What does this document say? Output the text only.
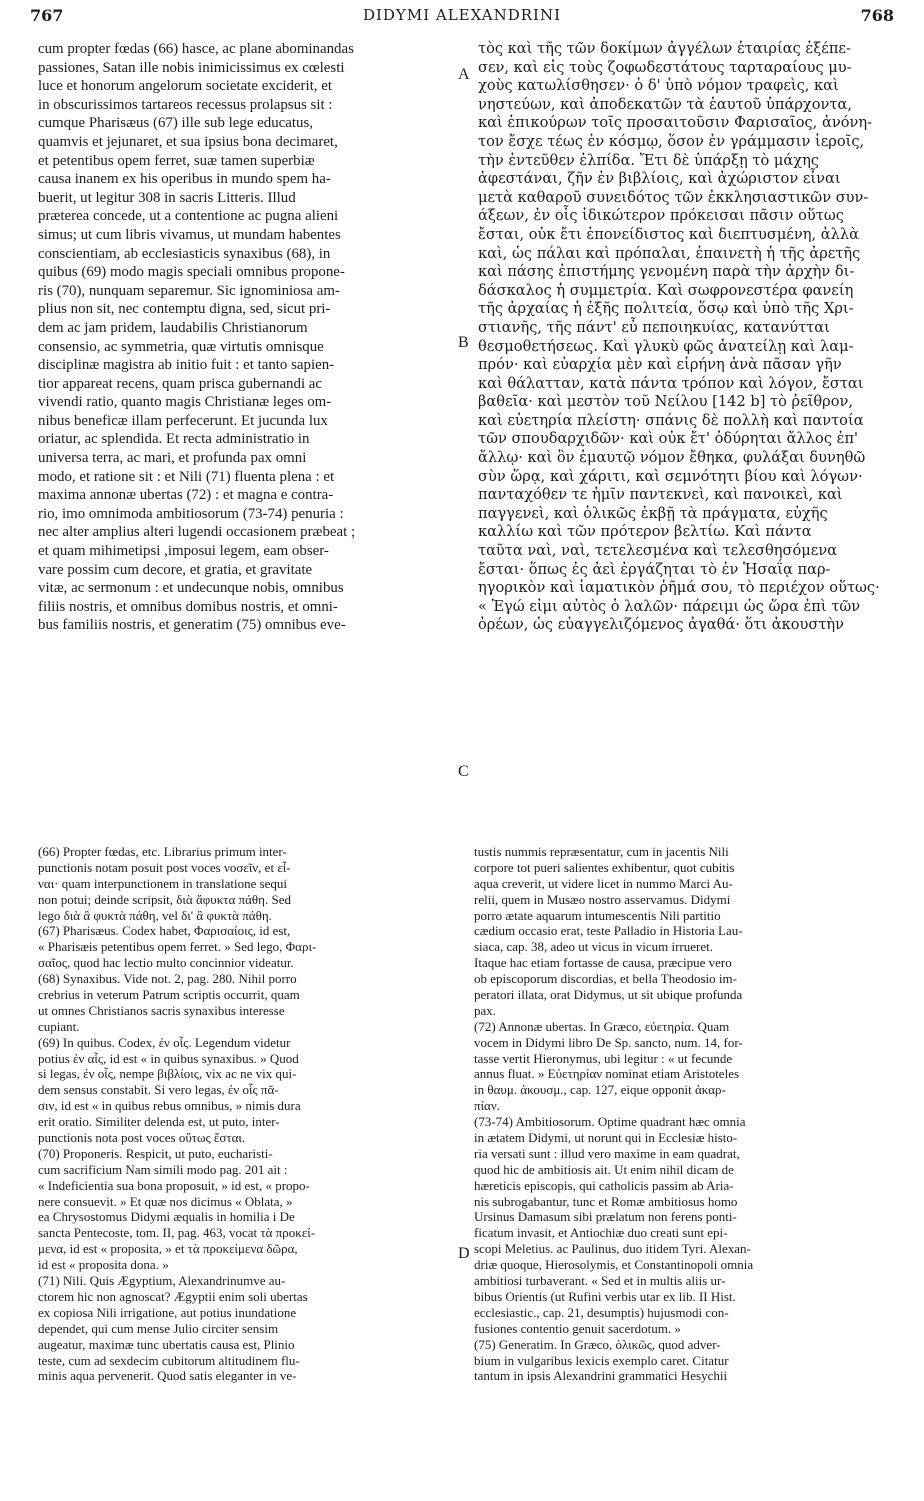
767	DIDYMI ALEXANDRINI	768
cum propter fœdas (66) hasce, ac plane abominandas
passiones, Satan ille nobis inimicissimus ex cœlesti
luce et honorum angelorum societate exciderit, et
in obscurissimos tartareos recessus prolapsus sit :
cumque Pharisæus (67) ille sub lege educatus,
quamvis et jejunaret, et sua ipsius bona decimaret,
et petentibus opem ferret, suæ tamen superbiæ
causa inanem ex his operibus in mundo spem ha-
buerit, ut legitur 308 in sacris Litteris. Illud
præterea concede, ut a contentione ac pugna alieni
simus; ut cum libris vivamus, ut mundam habentes
conscientiam, ab ecclesiasticis synaxibus (68), in
quibus (69) modo magis speciali omnibus propone-
ris (70), nunquam separemur. Sic ignominiosa am-
plius non sit, nec contemptu digna, sed, sicut pri-
dem ac jam pridem, laudabilis Christianorum
consensio, ac symmetria, quæ virtutis omnisque
disciplinæ magistra ab initio fuit : et tanto sapien-
tior appareat recens, quam prisca gubernandi ac
vivendi ratio, quanto magis Christianæ leges om-
nibus beneficæ illam perfecerunt. Et jucunda lux
oriatur, ac splendida. Et recta administratio in
universa terra, ac mari, et profunda pax omni
modo, et ratione sit : et Nili (71) fluenta plena : et
maxima annonæ ubertas (72) : et magna e contra-
rio, imo omnimoda ambitiosorum (73-74) penuria :
nec alter amplius alteri lugendi occasionem præbeat ;
et quam mihimetipsi ,imposui legem, eam obser-
vare possim cum decore, et gratia, et gravitate
vitæ, ac sermonum : et undecunque nobis, omnibus
filiis nostris, et omnibus domibus nostris, et omni-
bus familiis nostris, et generatim (75) omnibus eve-
τὸς καὶ τῆς τῶν δοκίμων ἀγγέλων ἑταιρίας ἐξέπε-
σεν, καὶ εἰς τοὺς ζοφωδεστάτους ταρταραίους μυ-
χοὺς κατωλίσθησεν· ὁ δ' ὑπὸ νόμον τραφεὶς, καὶ
νηστεύων, καὶ ἀποδεκατῶν τὰ ἑαυτοῦ ὑπάρχοντα,
καὶ ἐπικούρων τοῖς προσαιτοῦσιν Φαρισαῖος, ἀνόνη-
τον ἔσχε τέως ἐν κόσμῳ, ὅσον ἐν γράμμασιν ἱεροῖς,
τὴν ἐντεῦθεν ἐλπίδα. Ἔτι δὲ ὑπάρξῃ τὸ μάχης
ἀφεστάναι, ζῆν ἐν βιβλίοις, καὶ ἀχώριστον εἶναι
μετὰ καθαροῦ συνειδότος τῶν ἐκκλησιαστικῶν συν-
άξεων, ἐν οἷς ἰδικώτερον πρόκεισαι πᾶσιν οὕτως
ἔσται, οὐκ ἔτι ἐπονείδιστος καὶ διεπτυσμένη, ἀλλὰ
καὶ, ὡς πάλαι καὶ πρόπαλαι, ἐπαινετὴ ἡ τῆς ἀρετῆς
καὶ πάσης ἐπιστήμης γενομένη παρὰ τὴν ἀρχὴν δι-
δάσκαλος ἡ συμμετρία. Καὶ σωφρονεστέρα φανείη
τῆς ἀρχαίας ἡ ἐξῆς πολιτεία, ὅσῳ καὶ ὑπὸ τῆς Χρι-
στιανῆς, τῆς πάντ' εὖ πεποιηκυίας, κατανύτται
θεσμοθετήσεως. Καὶ γλυκὺ φῶς ἀνατείλῃ καὶ λαμ-
πρόν· καὶ εὐαρχία μὲν καὶ εἰρήνη ἀνὰ πᾶσαν γῆν
καὶ θάλατταν, κατὰ πάντα τρόπον καὶ λόγον, ἔσται
βαθεῖα· καὶ μεστὸν τοῦ Νείλου [142 b] τὸ ῥεῖθρον,
καὶ εὐετηρία πλείστη· σπάνις δὲ πολλὴ καὶ παντοία
τῶν σπουδαρχιδῶν· καὶ οὐκ ἔτ' ὀδύρηται ἄλλος ἐπ'
ἄλλῳ· καὶ ὃν ἐμαυτῷ νόμον ἔθηκα, φυλάξαι δυνηθῶ
σὺν ὥρᾳ, καὶ χάριτι, καὶ σεμνότητι βίου καὶ λόγων·
πανταχόθεν τε ἡμῖν παντεκνεὶ, καὶ πανοικεὶ, καὶ
παγγενεὶ, καὶ ὁλικῶς ἐκβῇ τὰ πράγματα, εὐχῆς
καλλίω καὶ τῶν πρότερον βελτίω. Καὶ πάντα
ταῦτα ναὶ, ναὶ, τετελεσμένα καὶ τελεσθησόμενα
ἔσται· ὅπως ἐς ἀεὶ ἐργάζηται τὸ ἐν Ἡσαΐᾳ παρ-
ηγορικὸν καὶ ἰαματικὸν ῥῆμά σου, τὸ περιέχον οὕτως·
« Ἐγώ εἰμι αὐτὸς ὁ λαλῶν· πάρειμι ὡς ὥρα ἐπὶ τῶν
ὀρέων, ὡς εὐαγγελιζόμενος ἀγαθά· ὅτι ἀκουστὴν
A
B
C
D
(66) Propter fœdas, etc. Librarius primum inter-
punctionis notam posuit post voces νοσεῖν, et εἶ-
ναι· quam interpunctionem in translatione sequi
non potui; deinde scripsit, διὰ ἄφυκτα πάθη. Sed
lego διὰ ἃ φυκτὰ πάθη, vel δι' ἃ φυκτὰ πάθη.
(67) Pharisæus. Codex habet, Φαρισαίοις, id est,
« Pharisæis petentibus opem ferret. » Sed lego, Φαρι-
σαῖος, quod hac lectio multo concinnior videatur.
(68) Synaxibus. Vide not. 2, pag. 280. Nihil porro
crebrius in veterum Patrum scriptis occurrit, quam
ut omnes Christianos sacris synaxibus interesse
cupiant.
(69) In quibus. Codex, ἐν οἷς. Legendum videtur
potius ἐν αἷς, id est « in quibus synaxibus. » Quod
si legas, ἐν οἷς, nempe βιβλίοις, vix ac ne vix qui-
dem sensus constabit. Si vero legas, ἐν οἷς πᾶ-
σιν, id est « in quibus rebus omnibus, » nimis dura
erit oratio. Similiter delenda est, ut puto, inter-
punctionis nota post voces οὕτως ἔσται.
(70) Proponeris. Respicit, ut puto, eucharisti-
cum sacrificium Nam simili modo pag. 201 ait :
« Indeficientia sua bona proposuit, » id est, « propo-
nere consuevit. » Et quæ nos dicimus « Oblata, »
ea Chrysostomus Didymi æqualis in homilia i De
sancta Pentecoste, tom. II, pag. 463, vocat τὰ προκεί-
μενα, id est « proposita, » et τὰ προκείμενα δῶρα,
id est « proposita dona. »
(71) Nili. Quis Ægyptium, Alexandrinumve au-
ctorem hic non agnoscat? Ægyptii enim soli ubertas
ex copiosa Nili irrigatione, aut potius inundatione
dependet, qui cum mense Julio circiter sensim
augeatur, maximæ tunc ubertatis causa est, Plinio
teste, cum ad sexdecim cubitorum altitudinem flu-
minis aqua pervenerit. Quod satis eleganter in ve-
tustis nummis repræsentatur, cum in jacentis Nili
corpore tot pueri salientes exhibentur, quot cubitis
aqua creverit, ut videre licet in nummo Marci Au-
relii, quem in Musæo nostro asservamus. Didymi
porro ætate aquarum intumescentis Nili partitio
cædium occasio erat, teste Palladio in Historia Lau-
siaca, cap. 38, adeo ut vicus in vicum irrueret.
Itaque hac etiam fortasse de causa, præcipue vero
ob episcoporum discordias, et bella Theodosio im-
peratori illata, orat Didymus, ut sit ubique profunda
pax.
(72) Annonæ ubertas. In Græco, εὐετηρία. Quam
vocem in Didymi libro De Sp. sancto, num. 14, for-
tasse vertit Hieronymus, ubi legitur : « ut fecunde
annus fluat. » Εὐετηρίαν nominat etiam Aristoteles
in θαυμ. ἀκουσμ., cap. 127, eique opponit ἀκαρ-
πίαν.
(73-74) Ambitiosorum. Optime quadrant hæc omnia
in ætatem Didymi, ut norunt qui in Ecclesiæ histo-
ria versati sunt : illud vero maxime in eam quadrat,
quod hic de ambitiosis ait. Ut enim nihil dicam de
hæreticis episcopis, qui catholicis passim ab Aria-
nis subrogabantur, tunc et Romæ ambitiosus homo
Ursinus Damasum sibi prælatum non ferens ponti-
ficatum invasit, et Antiochiæ duo creati sunt epi-
scopi Meletius. ac Paulinus, duo itidem Tyri. Alexan-
driæ quoque, Hierosolymis, et Constantinopoli omnia
ambitiosi turbaverant. « Sed et in multis aliis ur-
bibus Orientis (ut Rufini verbis utar ex lib. II Hist.
ecclesiastic., cap. 21, desumptis) hujusmodi con-
fusiones contentio genuit sacerdotum. »
(75) Generatim. In Græco, ὁλικῶς, quod adver-
bium in vulgaribus lexicis exemplo caret. Citatur
tantum in ipsis Alexandrini grammatici Hesychii
